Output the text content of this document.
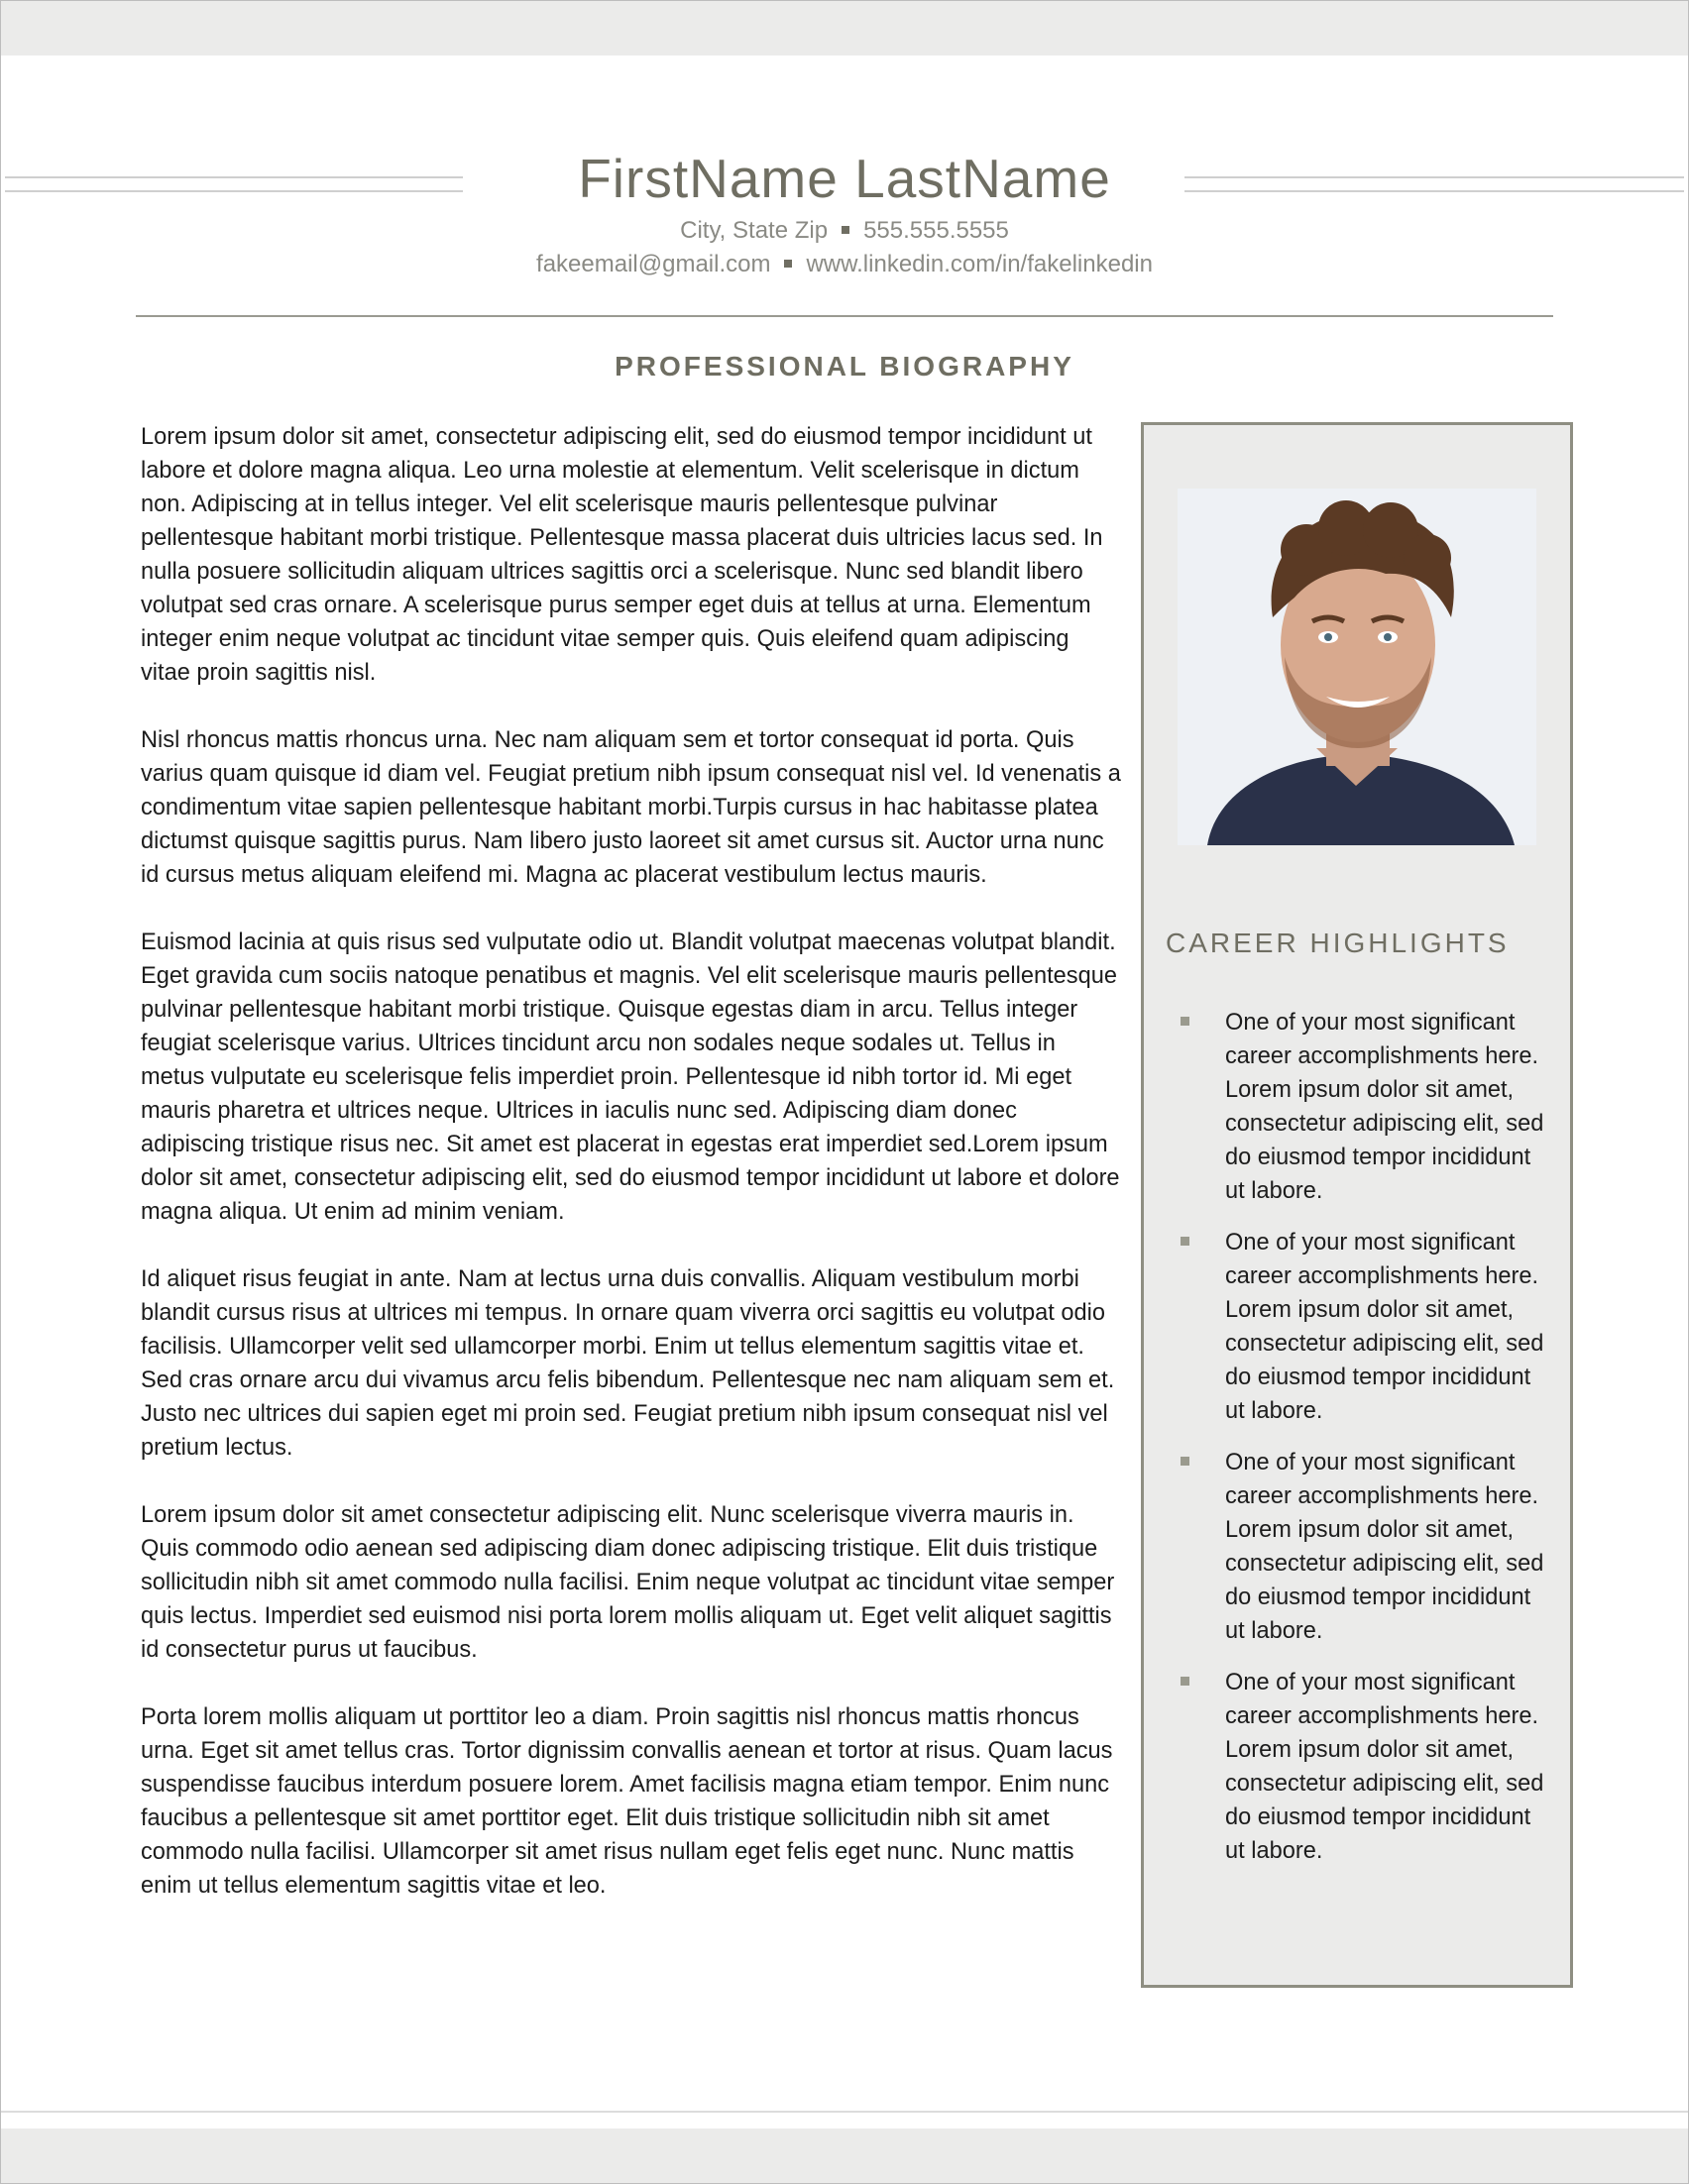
FirstName LastName
City, State Zip 555.555.5555
fakeemail@gmail.com www.linkedin.com/in/fakelinkedin
PROFESSIONAL BIOGRAPHY

Lorem ipsum dolor sit amet, consectetur adipiscing elit, sed do eiusmod tempor incididunt ut labore et dolore magna aliqua. Leo urna molestie at elementum. Velit scelerisque in dictum non. Adipiscing at in tellus integer. Vel elit scelerisque mauris pellentesque pulvinar pellentesque habitant morbi tristique. Pellentesque massa placerat duis ultricies lacus sed. In nulla posuere sollicitudin aliquam ultrices sagittis orci a scelerisque. Nunc sed blandit libero volutpat sed cras ornare. A scelerisque purus semper eget duis at tellus at urna. Elementum integer enim neque volutpat ac tincidunt vitae semper quis. Quis eleifend quam adipiscing vitae proin sagittis nisl.

Nisl rhoncus mattis rhoncus urna. Nec nam aliquam sem et tortor consequat id porta. Quis varius quam quisque id diam vel. Feugiat pretium nibh ipsum consequat nisl vel. Id venenatis a condimentum vitae sapien pellentesque habitant morbi.Turpis cursus in hac habitasse platea dictumst quisque sagittis purus. Nam libero justo laoreet sit amet cursus sit. Auctor urna nunc id cursus metus aliquam eleifend mi. Magna ac placerat vestibulum lectus mauris.

Euismod lacinia at quis risus sed vulputate odio ut. Blandit volutpat maecenas volutpat blandit. Eget gravida cum sociis natoque penatibus et magnis. Vel elit scelerisque mauris pellentesque pulvinar pellentesque habitant morbi tristique. Quisque egestas diam in arcu. Tellus integer feugiat scelerisque varius. Ultrices tincidunt arcu non sodales neque sodales ut. Tellus in metus vulputate eu scelerisque felis imperdiet proin. Pellentesque id nibh tortor id. Mi eget mauris pharetra et ultrices neque. Ultrices in iaculis nunc sed. Adipiscing diam donec adipiscing tristique risus nec. Sit amet est placerat in egestas erat imperdiet sed.Lorem ipsum dolor sit amet, consectetur adipiscing elit, sed do eiusmod tempor incididunt ut labore et dolore magna aliqua. Ut enim ad minim veniam.

Id aliquet risus feugiat in ante. Nam at lectus urna duis convallis. Aliquam vestibulum morbi blandit cursus risus at ultrices mi tempus. In ornare quam viverra orci sagittis eu volutpat odio facilisis. Ullamcorper velit sed ullamcorper morbi. Enim ut tellus elementum sagittis vitae et. Sed cras ornare arcu dui vivamus arcu felis bibendum. Pellentesque nec nam aliquam sem et. Justo nec ultrices dui sapien eget mi proin sed. Feugiat pretium nibh ipsum consequat nisl vel pretium lectus.

Lorem ipsum dolor sit amet consectetur adipiscing elit. Nunc scelerisque viverra mauris in. Quis commodo odio aenean sed adipiscing diam donec adipiscing tristique. Elit duis tristique sollicitudin nibh sit amet commodo nulla facilisi. Enim neque volutpat ac tincidunt vitae semper quis lectus. Imperdiet sed euismod nisi porta lorem mollis aliquam ut. Eget velit aliquet sagittis id consectetur purus ut faucibus.

Porta lorem mollis aliquam ut porttitor leo a diam. Proin sagittis nisl rhoncus mattis rhoncus urna. Eget sit amet tellus cras. Tortor dignissim convallis aenean et tortor at risus. Quam lacus suspendisse faucibus interdum posuere lorem. Amet facilisis magna etiam tempor. Enim nunc faucibus a pellentesque sit amet porttitor eget. Elit duis tristique sollicitudin nibh sit amet commodo nulla facilisi. Ullamcorper sit amet risus nullam eget felis eget nunc. Nunc mattis enim ut tellus elementum sagittis vitae et leo.

CAREER HIGHLIGHTS
One of your most significant career accomplishments here. Lorem ipsum dolor sit amet, consectetur adipiscing elit, sed do eiusmod tempor incididunt ut labore.
One of your most significant career accomplishments here. Lorem ipsum dolor sit amet, consectetur adipiscing elit, sed do eiusmod tempor incididunt ut labore.
One of your most significant career accomplishments here. Lorem ipsum dolor sit amet, consectetur adipiscing elit, sed do eiusmod tempor incididunt ut labore.
One of your most significant career accomplishments here. Lorem ipsum dolor sit amet, consectetur adipiscing elit, sed do eiusmod tempor incididunt ut labore.
